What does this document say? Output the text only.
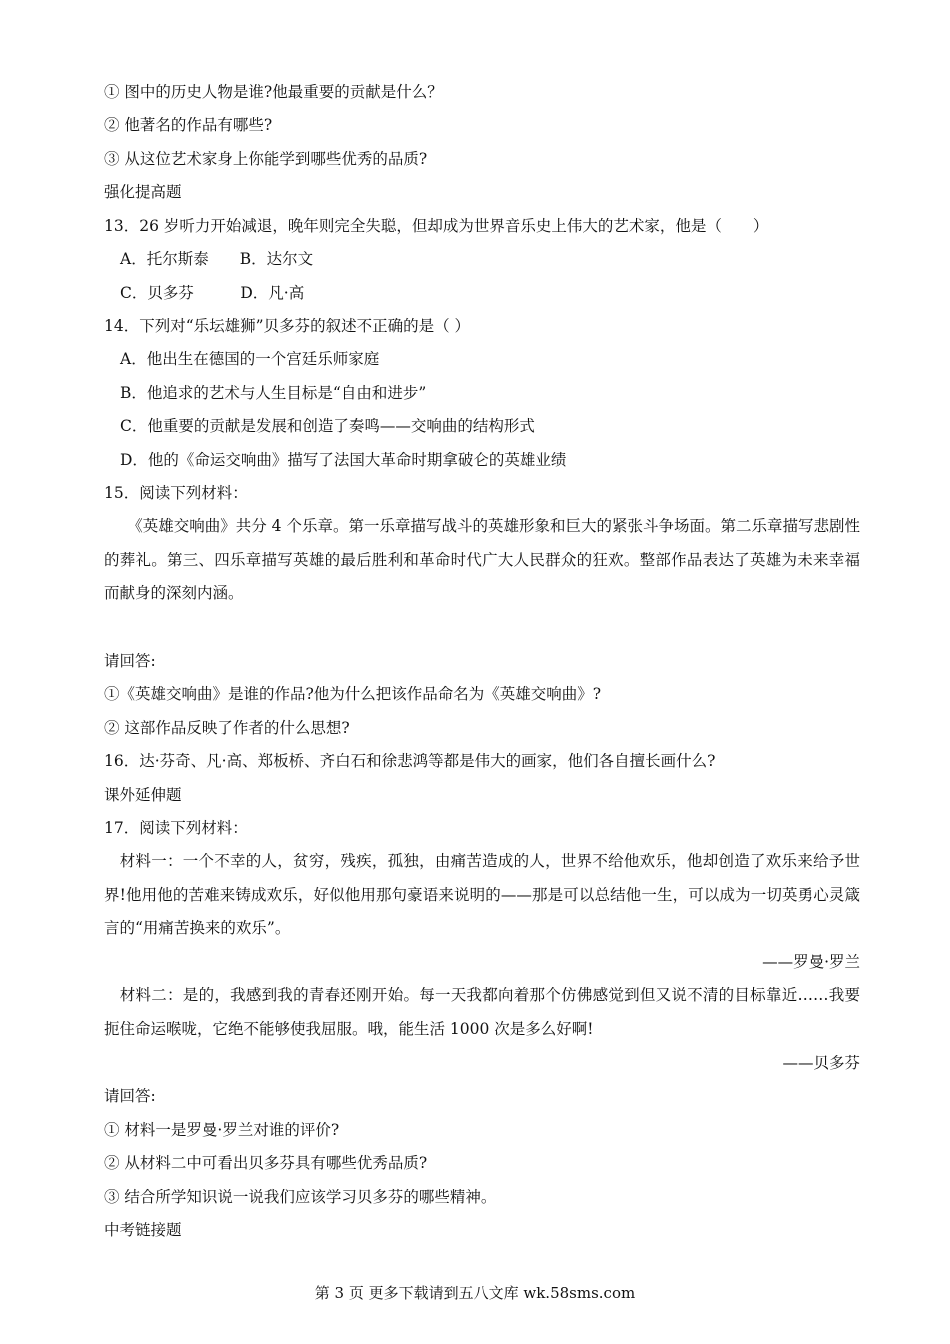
① 图中的历史人物是谁?他最重要的贡献是什么？
② 他著名的作品有哪些?
③ 从这位艺术家身上你能学到哪些优秀的品质?
强化提高题
13．26 岁听力开始减退，晚年则完全失聪，但却成为世界音乐史上伟大的艺术家，他是（　　）
A．托尔斯泰　　B．达尔文
C．贝多芬　　　D．凡·高
14．下列对“乐坛雄狮”贝多芬的叙述不正确的是（ ）
A．他出生在德国的一个宫廷乐师家庭
B．他追求的艺术与人生目标是“自由和进步”
C．他重要的贡献是发展和创造了奏鸣——交响曲的结构形式
D．他的《命运交响曲》描写了法国大革命时期拿破仑的英雄业绩
15．阅读下列材料：
　　《英雄交响曲》共分 4 个乐章。第一乐章描写战斗的英雄形象和巨大的紧张斗争场面。第二乐章描写悲剧性的葬礼。第三、四乐章描写英雄的最后胜利和革命时代广大人民群众的狂欢。整部作品表达了英雄为未来幸福而献身的深刻内涵。
请回答:
①《英雄交响曲》是谁的作品?他为什么把该作品命名为《英雄交响曲》?
② 这部作品反映了作者的什么思想?
16．达·芬奇、凡·高、郑板桥、齐白石和徐悲鸿等都是伟大的画家，他们各自擅长画什么?
课外延伸题
17．阅读下列材料：
　材料一：一个不幸的人，贫穷，残疾，孤独，由痛苦造成的人，世界不给他欢乐，他却创造了欢乐来给予世界!他用他的苦难来铸成欢乐，好似他用那句豪语来说明的——那是可以总结他一生，可以成为一切英勇心灵箴言的“用痛苦换来的欢乐”。
——罗曼·罗兰
　材料二：是的，我感到我的青春还刚开始。每一天我都向着那个仿佛感觉到但又说不清的目标靠近……我要扼住命运喉咙，它绝不能够使我屈服。哦，能生活 1000 次是多么好啊!
——贝多芬
请回答:
① 材料一是罗曼·罗兰对谁的评价?
② 从材料二中可看出贝多芬具有哪些优秀品质?
③ 结合所学知识说一说我们应该学习贝多芬的哪些精神。
中考链接题
第 3 页 更多下载请到五八文库 wk.58sms.com
